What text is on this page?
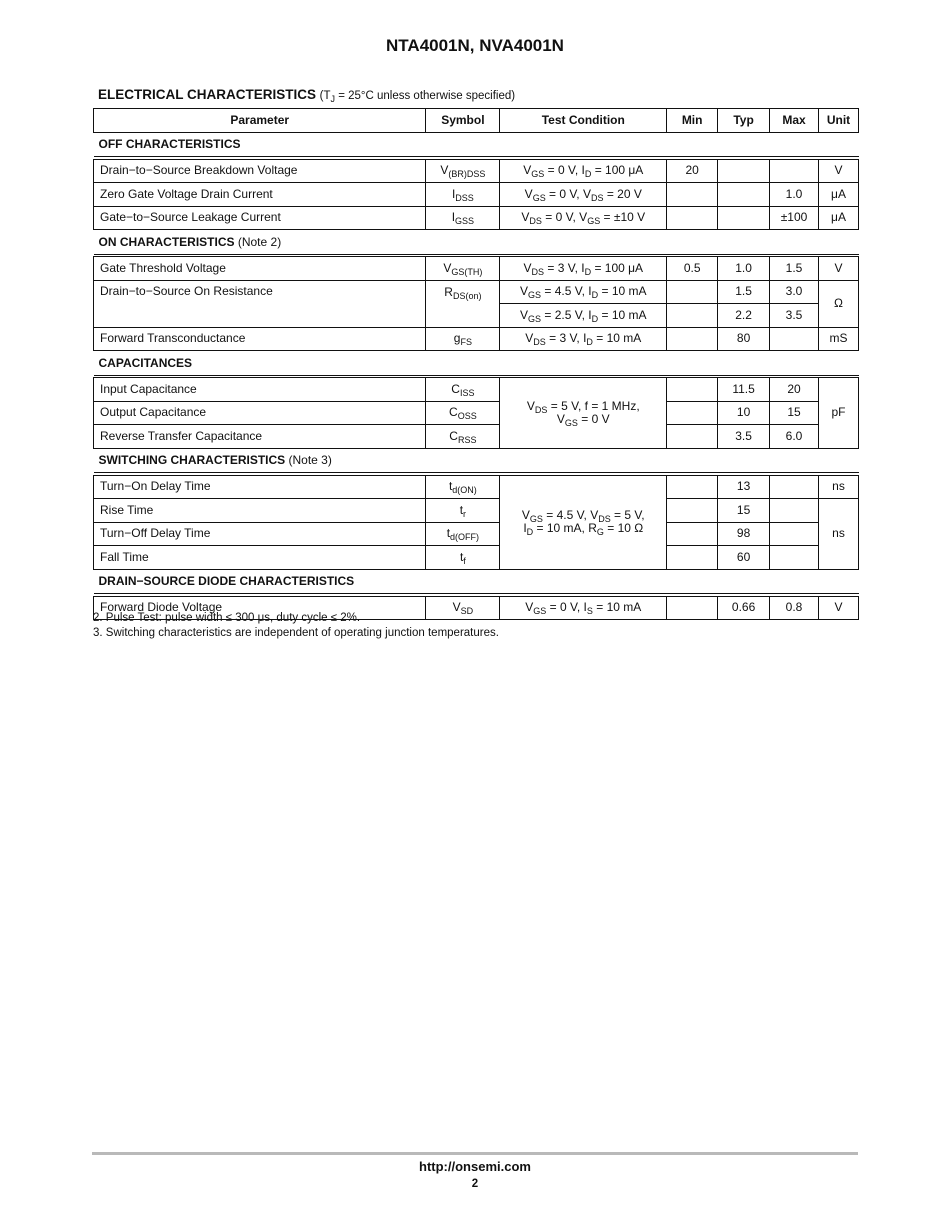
NTA4001N, NVA4001N
ELECTRICAL CHARACTERISTICS ($T_J = 25^\circ C$ unless otherwise specified)
Parameter	Symbol	Test Condition	Min	Typ	Max	Unit
OFF CHARACTERISTICS						

Drain−to−Source Breakdown Voltage	$V_{(BR)DSS}$	$V_{GS} = 0$ V, $I_D = 100$ μA	20			V
Zero Gate Voltage Drain Current	$I_{DSS}$	$V_{GS} = 0$ V, $V_{DS} = 20$ V			1.0	μA
Gate−to−Source Leakage Current	$I_{GSS}$	$V_{DS} = 0$ V, $V_{GS} = \pm 10$ V			±100	μA
ON CHARACTERISTICS (Note 2)						

Gate Threshold Voltage	$V_{GS(TH)}$	$V_{DS} = 3$ V, $I_D = 100$ μA	0.5	1.0	1.5	V
Drain−to−Source On Resistance	$R_{DS(on)}$	$V_{GS} = 4.5$ V, $I_D = 10$ mA		1.5	3.0	Ω
		$V_{GS} = 2.5$ V, $I_D = 10$ mA		2.2	3.5	
Forward Transconductance	$g_{FS}$	$V_{DS} = 3$ V, $I_D = 10$ mA		80		mS
CAPACITANCES						

Input Capacitance	$C_{ISS}$	$V_{DS} = 5$ V, f = 1 MHz,
$V_{GS} = 0$ V		11.5	20	pF
Output Capacitance	$C_{OSS}$			10	15	
Reverse Transfer Capacitance	$C_{RSS}$			3.5	6.0	
SWITCHING CHARACTERISTICS (Note 3)						

Turn−On Delay Time	$t_{d(ON)}$	$V_{GS} = 4.5$ V, $V_{DS} = 5$ V,
$I_D = 10$ mA, $R_G = 10$ Ω		13		ns
Rise Time	$t_r$			15		ns
Turn−Off Delay Time	$t_{d(OFF)}$			98		
Fall Time	$t_f$			60		
DRAIN−SOURCE DIODE CHARACTERISTICS						

Forward Diode Voltage	$V_{SD}$	$V_{GS} = 0$ V, $I_S = 10$ mA		0.66	0.8	V
2. Pulse Test: pulse width ≤ 300 μs, duty cycle ≤ 2%.
3. Switching characteristics are independent of operating junction temperatures.
http://onsemi.com
2
